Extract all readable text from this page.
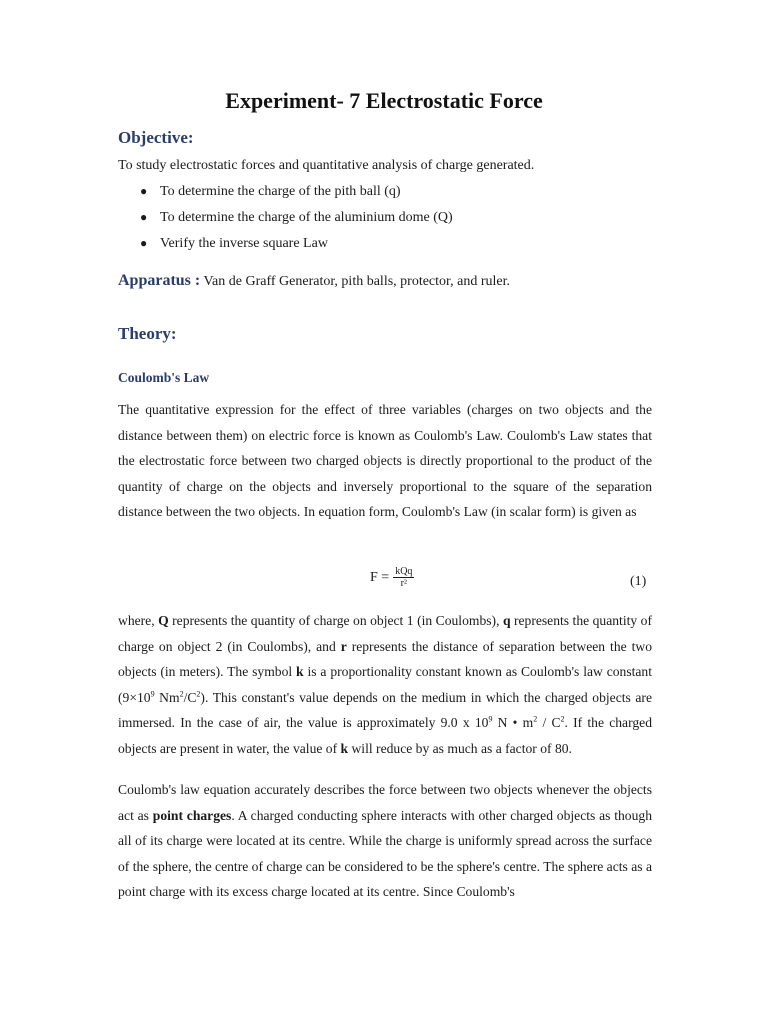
Experiment- 7 Electrostatic Force
Objective:
To study electrostatic forces and quantitative analysis of charge generated.
● To determine the charge of the pith ball (q)
● To determine the charge of the aluminium dome (Q)
● Verify the inverse square Law
Apparatus : Van de Graff Generator, pith balls, protector, and ruler.
Theory:
Coulomb's Law
The quantitative expression for the effect of three variables (charges on two objects and the distance between them) on electric force is known as Coulomb's Law. Coulomb's Law states that the electrostatic force between two charged objects is directly proportional to the product of the quantity of charge on the objects and inversely proportional to the square of the separation distance between the two objects. In equation form, Coulomb's Law (in scalar form) is given as
$F = \frac{\text{kQq}}{\text{r²}}$	(1)
where, Q represents the quantity of charge on object 1 (in Coulombs), q represents the quantity of charge on object 2 (in Coulombs), and r represents the distance of separation between the two objects (in meters). The symbol k is a proportionality constant known as Coulomb's law constant ($9\times 10^9$ $Nm^2/C^2$). This constant's value depends on the medium in which the charged objects are immersed. In the case of air, the value is approximately 9.0 x $10^9$ N • $m^2 / C^2$. If the charged objects are present in water, the value of k will reduce by as much as a factor of 80.
Coulomb's law equation accurately describes the force between two objects whenever the objects act as point charges. A charged conducting sphere interacts with other charged objects as though all of its charge were located at its centre. While the charge is uniformly spread across the surface of the sphere, the centre of charge can be considered to be the sphere's centre. The sphere acts as a point charge with its excess charge located at its centre. Since Coulomb's
